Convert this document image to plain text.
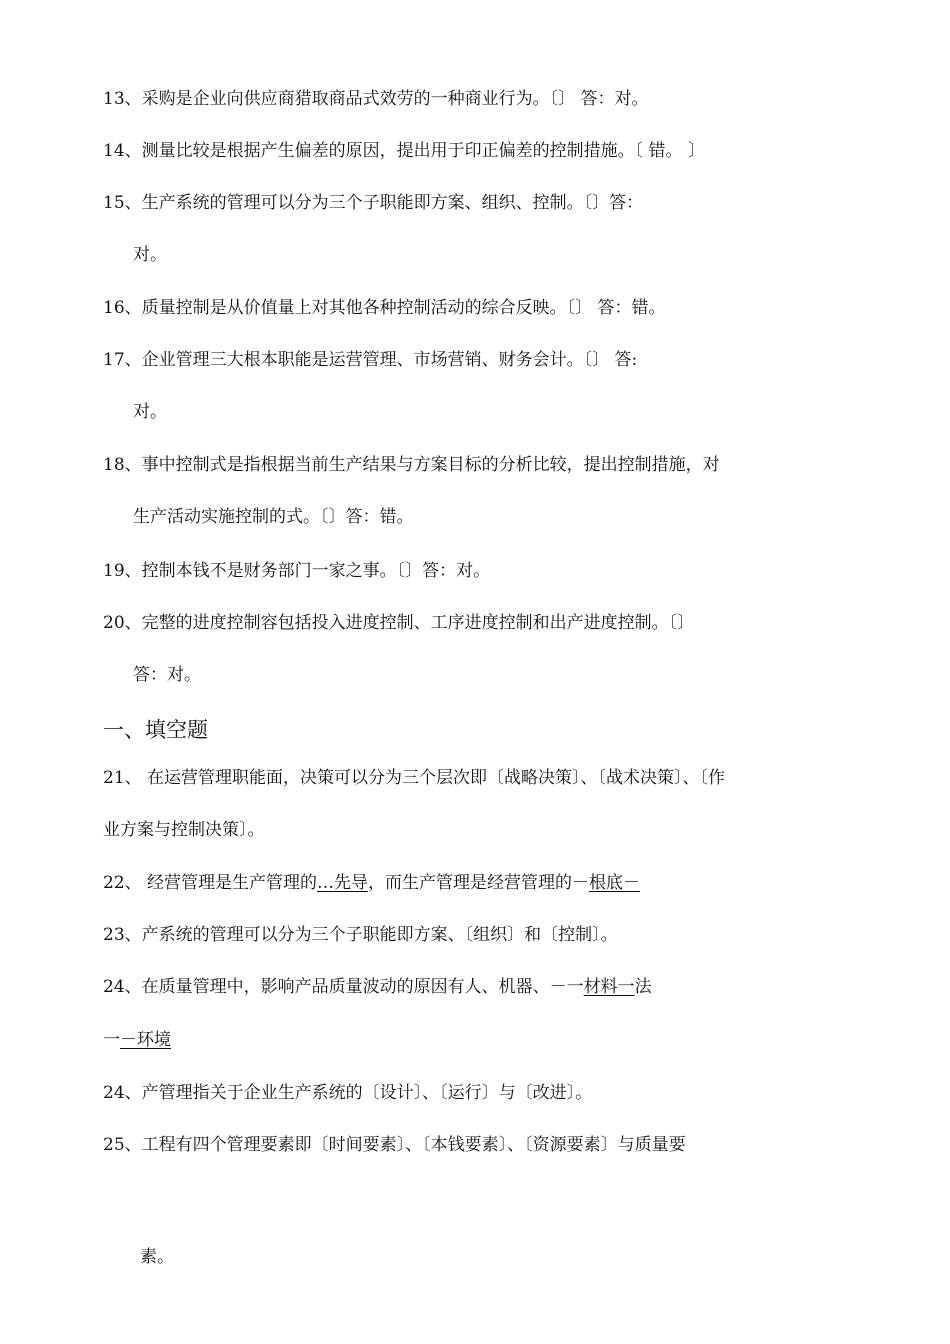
13、采购是企业向供应商猎取商品式效劳的一种商业行为。〔〕 答：对。
14、测量比较是根据产生偏差的原因，提出用于印正偏差的控制措施。〔 错。 〕
15、生产系统的管理可以分为三个子职能即方案、组织、控制。〔〕答：
对。
16、质量控制是从价值量上对其他各种控制活动的综合反映。〔〕 答：错。
17、企业管理三大根本职能是运营管理、市场营销、财务会计。〔〕 答:
对。
18、事中控制式是指根据当前生产结果与方案目标的分析比较，提出控制措施，对
生产活动实施控制的式。〔〕答：错。
19、控制本钱不是财务部门一家之事。〔〕答：对。
20、完整的进度控制容包括投入进度控制、工序进度控制和出产进度控制。〔〕
答：对。
一、填空题
21、 在运营管理职能面，决策可以分为三个层次即〔战略决策〕、〔战术决策〕、〔作
业方案与控制决策〕。
22、 经营管理是生产管理的…先导，而生产管理是经营管理的－根底－
23、产系统的管理可以分为三个子职能即方案、〔组织〕和〔控制〕。
24、在质量管理中，影响产品质量波动的原因有人、机器、－一材料一法
一－环境
24、产管理指关于企业生产系统的〔设计〕、〔运行〕与〔改进〕。
25、工程有四个管理要素即〔时间要素〕、〔本钱要素〕、〔资源要素〕与质量要
素。
